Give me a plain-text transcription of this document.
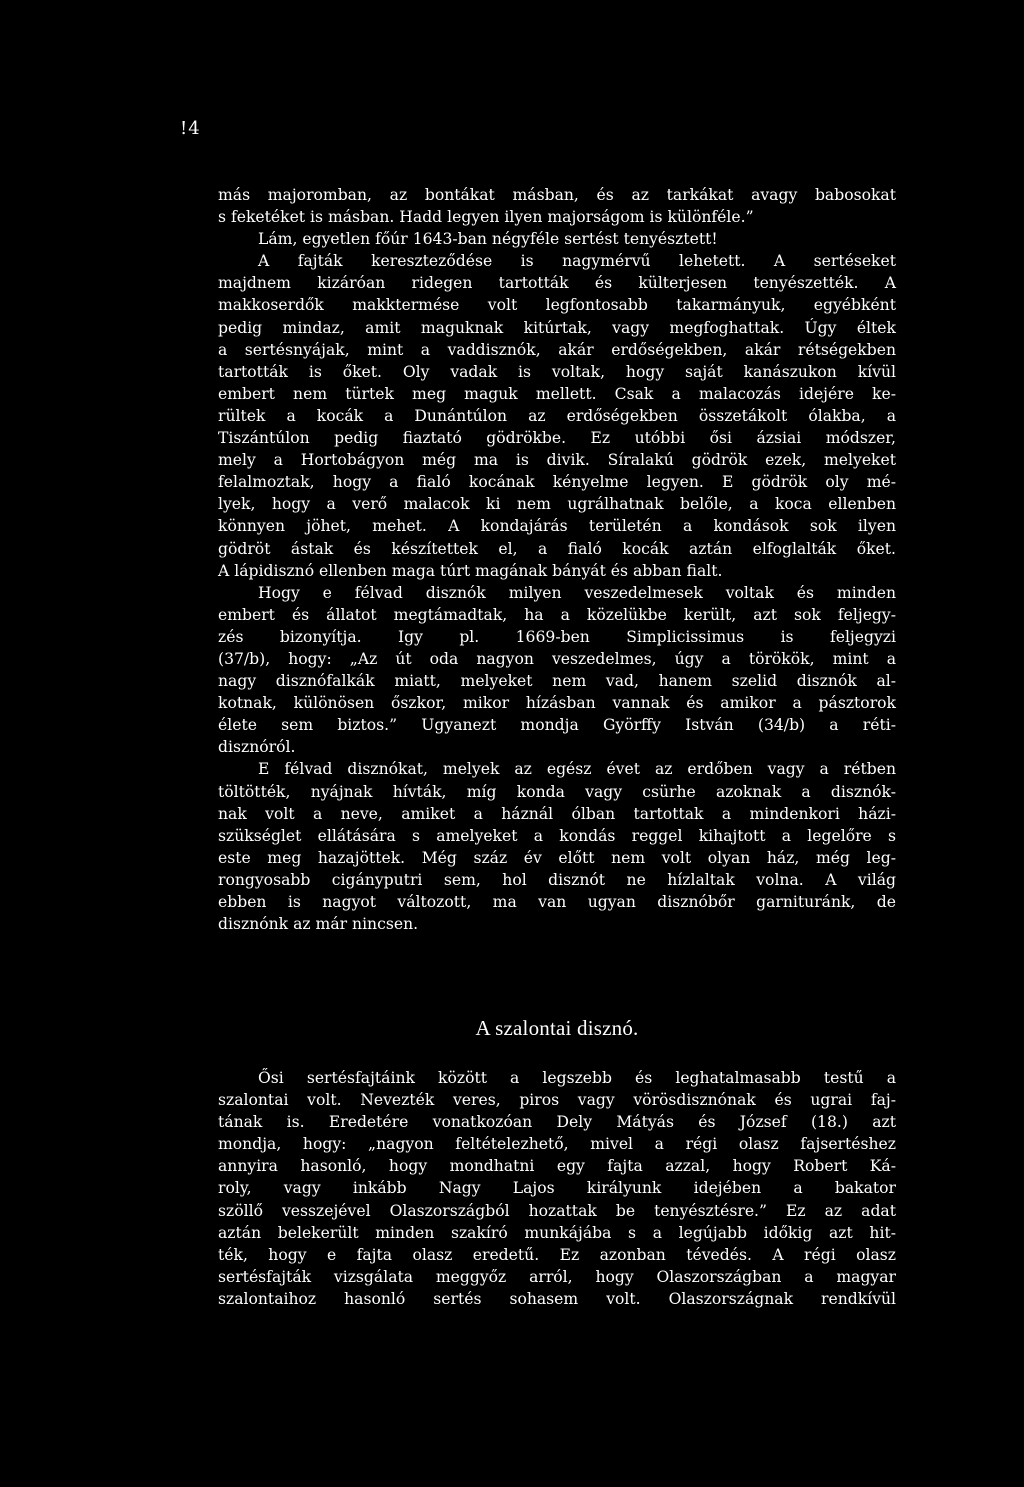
!4
más majoromban, az bontákat másban, és az tarkákat avagy babosokat
s feketéket is másban. Hadd legyen ilyen majorságom is különféle.”
Lám, egyetlen főúr 1643-ban négyféle sertést tenyésztett!
A fajták kereszteződése is nagymérvű lehetett. A sertéseket
majdnem kizáróan ridegen tartották és külterjesen tenyészették. A
makkoserdők makktermése volt legfontosabb takarmányuk, egyébként
pedig mindaz, amit maguknak kitúrtak, vagy megfoghattak. Úgy éltek
a sertésnyájak, mint a vaddisznók, akár erdőségekben, akár rétségekben
tartották is őket. Oly vadak is voltak, hogy saját kanászukon kívül
embert nem türtek meg maguk mellett. Csak a malacozás idejére ke-
rültek a kocák a Dunántúlon az erdőségekben összetákolt ólakba, a
Tiszántúlon pedig fiaztató gödrökbe. Ez utóbbi ősi ázsiai módszer,
mely a Hortobágyon még ma is divik. Síralakú gödrök ezek, melyeket
felalmoztak, hogy a fialó kocának kényelme legyen. E gödrök oly mé-
lyek, hogy a verő malacok ki nem ugrálhatnak belőle, a koca ellenben
könnyen jöhet, mehet. A kondajárás területén a kondások sok ilyen
gödröt ástak és készítettek el, a fialó kocák aztán elfoglalták őket.
A lápidisznó ellenben maga túrt magának bányát és abban fialt.
Hogy e félvad disznók milyen veszedelmesek voltak és minden
embert és állatot megtámadtak, ha a közelükbe került, azt sok feljegy-
zés bizonyítja. Igy pl. 1669-ben Simplicissimus is feljegyzi
(37/b), hogy: „Az út oda nagyon veszedelmes, úgy a törökök, mint a
nagy disznófalkák miatt, melyeket nem vad, hanem szelid disznók al-
kotnak, különösen őszkor, mikor hízásban vannak és amikor a pásztorok
élete sem biztos.” Ugyanezt mondja Györffy István (34/b) a réti-
disznóról.
E félvad disznókat, melyek az egész évet az erdőben vagy a rétben
töltötték, nyájnak hívták, míg konda vagy csürhe azoknak a disznók-
nak volt a neve, amiket a háznál ólban tartottak a mindenkori házi-
szükséglet ellátására s amelyeket a kondás reggel kihajtott a legelőre s
este meg hazajöttek. Még száz év előtt nem volt olyan ház, még leg-
rongyosabb cigányputri sem, hol disznót ne hízlaltak volna. A világ
ebben is nagyot változott, ma van ugyan disznóbőr garnituránk, de
disznónk az már nincsen.
A szalontai disznó.
Ősi sertésfajtáink között a legszebb és leghatalmasabb testű a
szalontai volt. Nevezték veres, piros vagy vörösdisznónak és ugrai faj-
tának is. Eredetére vonatkozóan Dely Mátyás és József (18.) azt
mondja, hogy: „nagyon feltételezhető, mivel a régi olasz fajsertéshez
annyira hasonló, hogy mondhatni egy fajta azzal, hogy Robert Ká-
roly, vagy inkább Nagy Lajos királyunk idejében a bakator
szöllő vesszejével Olaszországból hozattak be tenyésztésre.” Ez az adat
aztán belekerült minden szakíró munkájába s a legújabb időkig azt hit-
ték, hogy e fajta olasz eredetű. Ez azonban tévedés. A régi olasz
sertésfajták vizsgálata meggyőz arról, hogy Olaszországban a magyar
szalontaihoz hasonló sertés sohasem volt. Olaszországnak rendkívül
